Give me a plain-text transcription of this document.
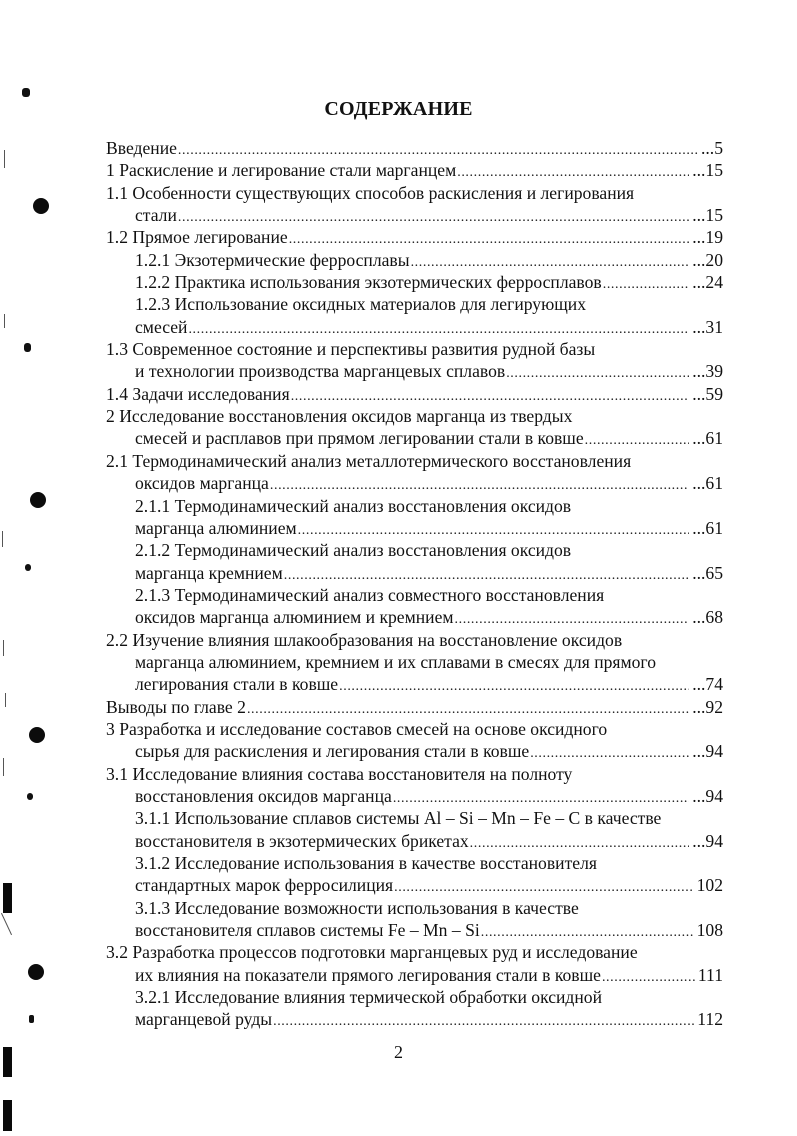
СОДЕРЖАНИЕ
Введение .....	...5
1 Раскисление и легирование стали марганцем .....	...15
1.1 Особенности существующих способов раскисления и легирования
стали .....	...15
1.2 Прямое легирование .....	...19
1.2.1 Экзотермические ферросплавы .....	...20
1.2.2 Практика использования экзотермических ферросплавов .....	...24
1.2.3 Использование оксидных материалов для легирующих
смесей .....	...31
1.3 Современное состояние и перспективы развития рудной базы
и технологии производства марганцевых сплавов .....	...39
1.4 Задачи исследования .....	...59
2 Исследование восстановления оксидов марганца из твердых
смесей и расплавов при прямом легировании стали в ковше .....	...61
2.1 Термодинамический анализ металлотермического восстановления
оксидов марганца .....	...61
2.1.1 Термодинамический анализ восстановления оксидов
марганца алюминием .....	...61
2.1.2 Термодинамический анализ восстановления оксидов
марганца кремнием .....	...65
2.1.3 Термодинамический анализ совместного восстановления
оксидов марганца алюминием и кремнием .....	...68
2.2 Изучение влияния шлакообразования на восстановление оксидов
марганца алюминием, кремнием и их сплавами в смесях для прямого
легирования стали в ковше .....	...74
Выводы по главе 2 .....	...92
3 Разработка и исследование составов смесей на основе оксидного
сырья для раскисления и легирования стали в ковше .....	...94
3.1 Исследование влияния состава восстановителя на полноту
восстановления оксидов марганца .....	...94
3.1.1 Использование сплавов системы Al – Si – Mn – Fe – C в качестве
восстановителя в экзотермических брикетах .....	...94
3.1.2 Исследование использования в качестве восстановителя
стандартных марок ферросилиция .....	102
3.1.3 Исследование возможности использования в качестве
восстановителя сплавов системы Fe – Mn – Si .....	108
3.2 Разработка процессов подготовки марганцевых руд и исследование
их влияния на показатели прямого легирования стали в ковше .....	111
3.2.1 Исследование влияния термической обработки оксидной
марганцевой руды .....	112
2
